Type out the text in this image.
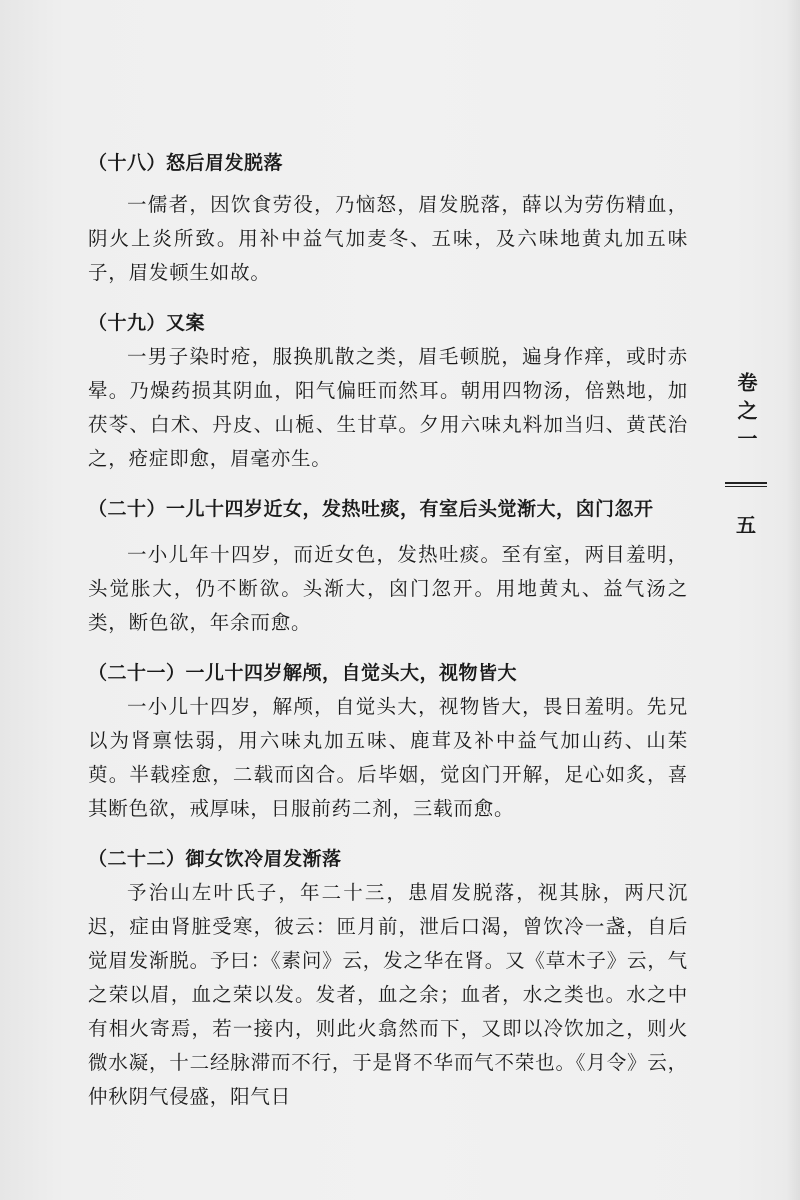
（十八）怒后眉发脱落

一儒者，因饮食劳役，乃恼怒，眉发脱落，薛以为劳伤精血，阴火上炎所致。用补中益气加麦冬、五味，及六味地黄丸加五味子，眉发顿生如故。

（十九）又案

一男子染时疮，服换肌散之类，眉毛顿脱，遍身作痒，或时赤晕。乃燥药损其阴血，阳气偏旺而然耳。朝用四物汤，倍熟地，加茯苓、白术、丹皮、山栀、生甘草。夕用六味丸料加当归、黄芪治之，疮症即愈，眉毫亦生。

（二十）一儿十四岁近女，发热吐痰，有室后头觉渐大，囟门忽开

一小儿年十四岁，而近女色，发热吐痰。至有室，两目羞明，头觉胀大，仍不断欲。头渐大，囟门忽开。用地黄丸、益气汤之类，断色欲，年余而愈。

（二十一）一儿十四岁解颅，自觉头大，视物皆大

一小儿十四岁，解颅，自觉头大，视物皆大，畏日羞明。先兄以为肾禀怯弱，用六味丸加五味、鹿茸及补中益气加山药、山茱萸。半载痊愈，二载而囟合。后毕姻，觉囟门开解，足心如炙，喜其断色欲，戒厚味，日服前药二剂，三载而愈。

（二十二）御女饮冷眉发渐落

予治山左叶氏子，年二十三，患眉发脱落，视其脉，两尺沉迟，症由肾脏受寒，彼云：匝月前，泄后口渴，曾饮冷一盏，自后觉眉发渐脱。予曰：《素问》云，发之华在肾。又《草木子》云，气之荣以眉，血之荣以发。发者，血之余；血者，水之类也。水之中有相火寄焉，若一接内，则此火翕然而下，又即以冷饮加之，则火微水凝，十二经脉滞而不行，于是肾不华而气不荣也。《月令》云，仲秋阴气侵盛，阳气日

卷之一
五
